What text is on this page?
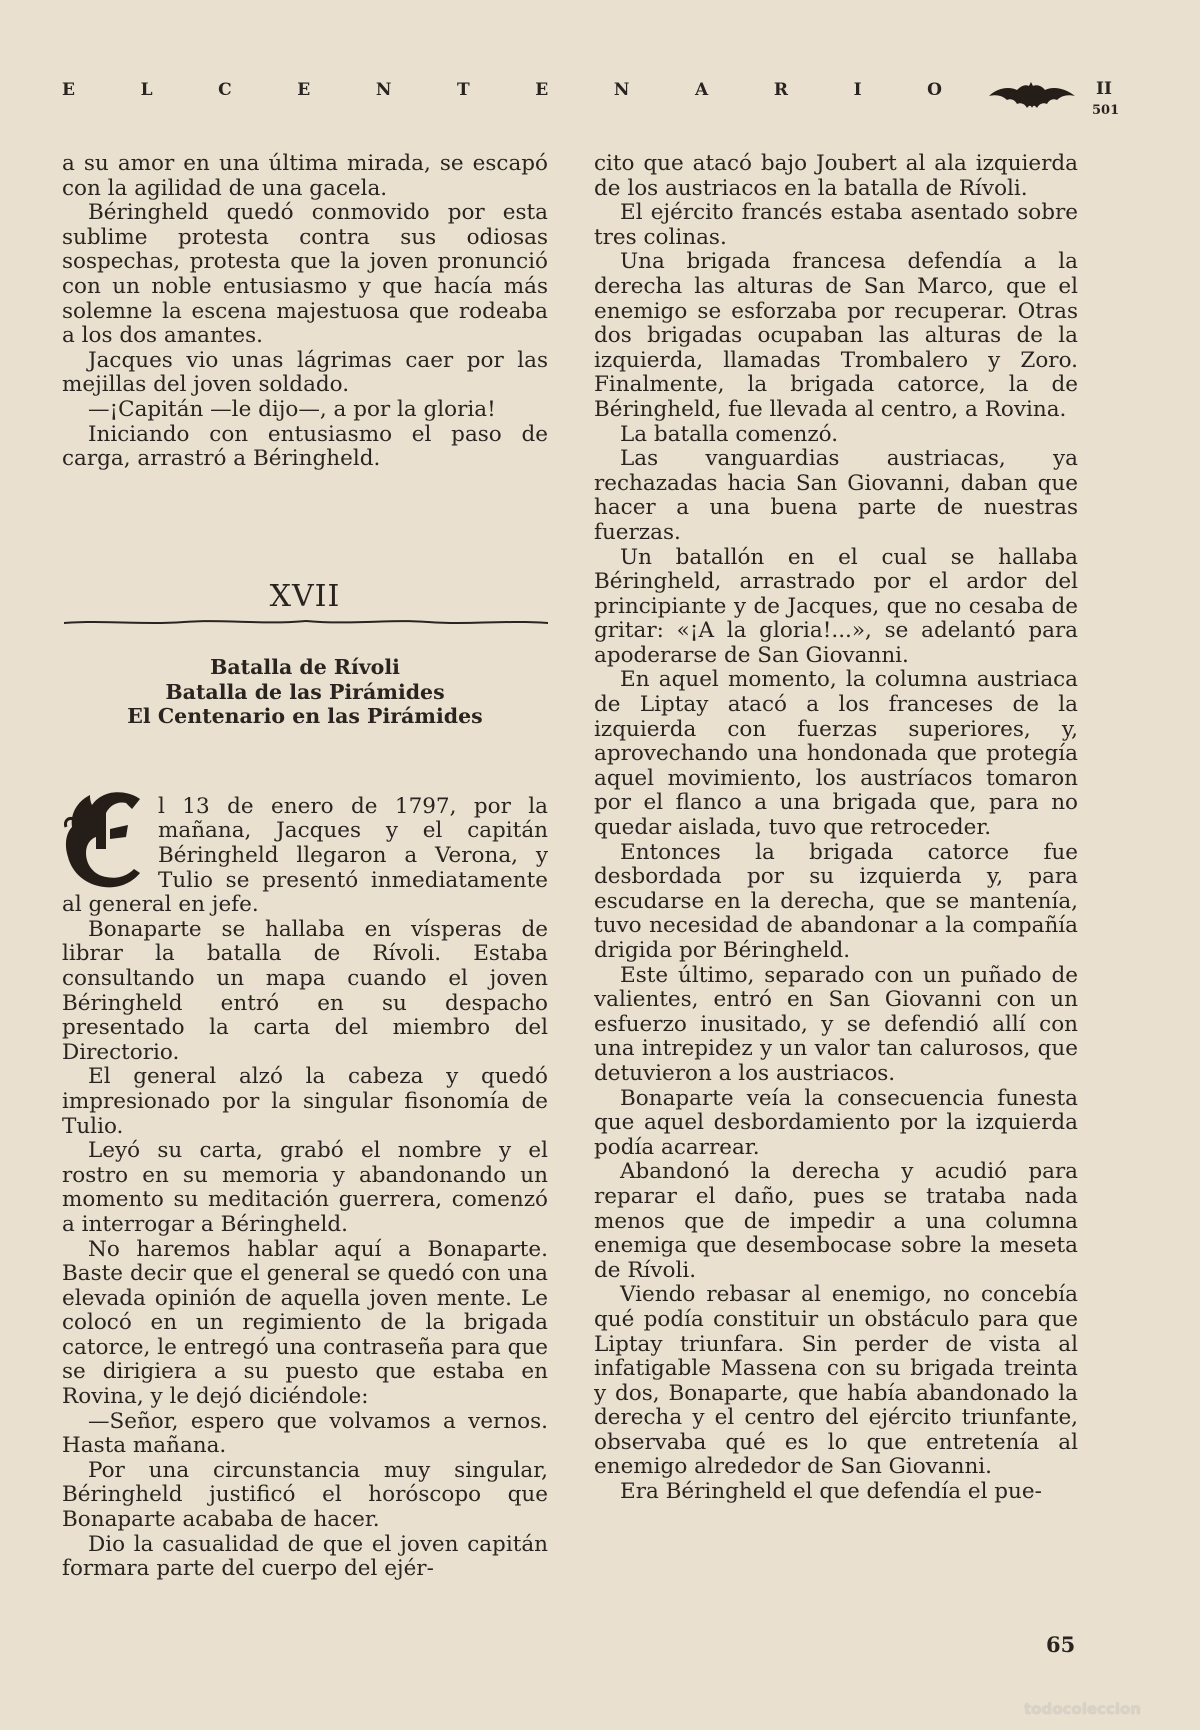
E	L	C	E	N	T	E	N	A	R	I	O	II
501

a su amor en una última mirada, se escapó con la agilidad de una gacela.

Béringheld quedó conmovido por esta sublime protesta contra sus odiosas sospechas, protesta que la joven pronunció con un noble entusiasmo y que hacía más solemne la escena majestuosa que rodeaba a los dos amantes.

Jacques vio unas lágrimas caer por las mejillas del joven soldado.

—¡Capitán —le dijo—, a por la gloria!

Iniciando con entusiasmo el paso de carga, arrastró a Béringheld.

XVII
Batalla de Rívoli
Batalla de las Pirámides
El Centenario en las Pirámides

E
l 13 de enero de 1797, por la mañana, Jacques y el capitán Béringheld llegaron a Verona, y Tulio se presentó inmediatamente al general en jefe.

Bonaparte se hallaba en vísperas de librar la batalla de Rívoli. Estaba consultando un mapa cuando el joven Béringheld entró en su despacho presentado la carta del miembro del Directorio.

El general alzó la cabeza y quedó impresionado por la singular fisonomía de Tulio.

Leyó su carta, grabó el nombre y el rostro en su memoria y abandonando un momento su meditación guerrera, comenzó a interrogar a Béringheld.

No haremos hablar aquí a Bonaparte. Baste decir que el general se quedó con una elevada opinión de aquella joven mente. Le colocó en un regimiento de la brigada catorce, le entregó una contraseña para que se dirigiera a su puesto que estaba en Rovina, y le dejó diciéndole:

—Señor, espero que volvamos a vernos. Hasta mañana.

Por una circunstancia muy singular, Béringheld justificó el horóscopo que Bonaparte acababa de hacer.

Dio la casualidad de que el joven capitán formara parte del cuerpo del ejér-

cito que atacó bajo Joubert al ala izquierda de los austriacos en la batalla de Rívoli.

El ejército francés estaba asentado sobre tres colinas.

Una brigada francesa defendía a la derecha las alturas de San Marco, que el enemigo se esforzaba por recuperar. Otras dos brigadas ocupaban las alturas de la izquierda, llamadas Trombalero y Zoro. Finalmente, la brigada catorce, la de Béringheld, fue llevada al centro, a Rovina.

La batalla comenzó.

Las vanguardias austriacas, ya rechazadas hacia San Giovanni, daban que hacer a una buena parte de nuestras fuerzas.

Un batallón en el cual se hallaba Béringheld, arrastrado por el ardor del principiante y de Jacques, que no cesaba de gritar: «¡A la gloria!...», se adelantó para apoderarse de San Giovanni.

En aquel momento, la columna austriaca de Liptay atacó a los franceses de la izquierda con fuerzas superiores, y, aprovechando una hondonada que protegía aquel movimiento, los austríacos tomaron por el flanco a una brigada que, para no quedar aislada, tuvo que retroceder.

Entonces la brigada catorce fue desbordada por su izquierda y, para escudarse en la derecha, que se mantenía, tuvo necesidad de abandonar a la compañía drigida por Béringheld.

Este último, separado con un puñado de valientes, entró en San Giovanni con un esfuerzo inusitado, y se defendió allí con una intrepidez y un valor tan calurosos, que detuvieron a los austriacos.

Bonaparte veía la consecuencia funesta que aquel desbordamiento por la izquierda podía acarrear.

Abandonó la derecha y acudió para reparar el daño, pues se trataba nada menos que de impedir a una columna enemiga que desembocase sobre la meseta de Rívoli.

Viendo rebasar al enemigo, no concebía qué podía constituir un obstáculo para que Liptay triunfara. Sin perder de vista al infatigable Massena con su brigada treinta y dos, Bonaparte, que había abandonado la derecha y el centro del ejército triunfante, observaba qué es lo que entretenía al enemigo alrededor de San Giovanni.

Era Béringheld el que defendía el pue-

65
todocoleccion
